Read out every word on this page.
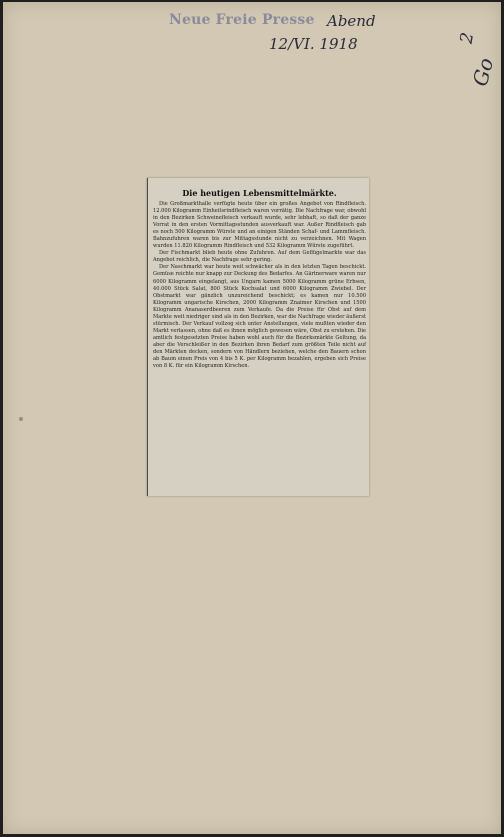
Neue Freie Presse Abend
12/VI. 1918	2
Go
Die heutigen Lebensmittelmärkte.

Die Großmarkthalle verfügte heute über ein großes Angebot von Rindfleisch. 12.000 Kilogramm Einheitsrindfleisch waren vorrätig. Die Nachfrage war, obwohl in den Bezirken Schweinefleisch verkauft wurde, sehr lebhaft, so daß der ganze Vorrat in den ersten Vormittagsstunden ausverkauft war. Außer Rindfleisch gab es noch 500 Kilogramm Würste und an einigen Ständen Schaf- und Lammfleisch. Bahnzufuhren waren bis zur Mittagsstunde nicht zu verzeichnen. Mit Wagen wurden 11.820 Kilogramm Rindfleisch und 532 Kilogramm Würste zugeführt.

Der Fischmarkt blieb heute ohne Zufuhren. Auf dem Geflügelmarkte war das Angebot reichlich, die Nachfrage sehr gering.

Der Naschmarkt war heute weit schwächer als in den letzten Tagen beschickt. Gemüse reichte nur knapp zur Deckung des Bedarfes. An Gärtnerware waren nur 6000 Kilogramm eingelangt, aus Ungarn kamen 5000 Kilogramm grüne Erbsen, 40.000 Stück Salat, 800 Stück Kochsalat und 6000 Kilogramm Zwiebel. Der Obstmarkt war gänzlich unzureichend beschickt; es kamen nur 10.500 Kilogramm ungarische Kirschen, 2000 Kilogramm Znaimer Kirschen und 1500 Kilogramm Ananaserdbeeren zum Verkaufe. Da die Preise für Obst auf dem Markte weit niedriger sind als in den Bezirken, war die Nachfrage wieder äußerst stürmisch. Der Verkauf vollzog sich unter Anstellungen, viele mußten wieder den Markt verlassen, ohne daß es ihnen möglich gewesen wäre, Obst zu erstehen. Die amtlich festgesetzten Preise haben wohl auch für die Bezirksmärkte Geltung, da aber die Verschleißer in den Bezirken ihren Bedarf zum größten Teile nicht auf den Märkten decken, sondern von Händlern beziehen, welche den Bauern schon ab Baum einen Preis von 4 bis 5 K. per Kilogramm bezahlen, ergeben sich Preise von 8 K. für ein Kilogramm Kirschen.
